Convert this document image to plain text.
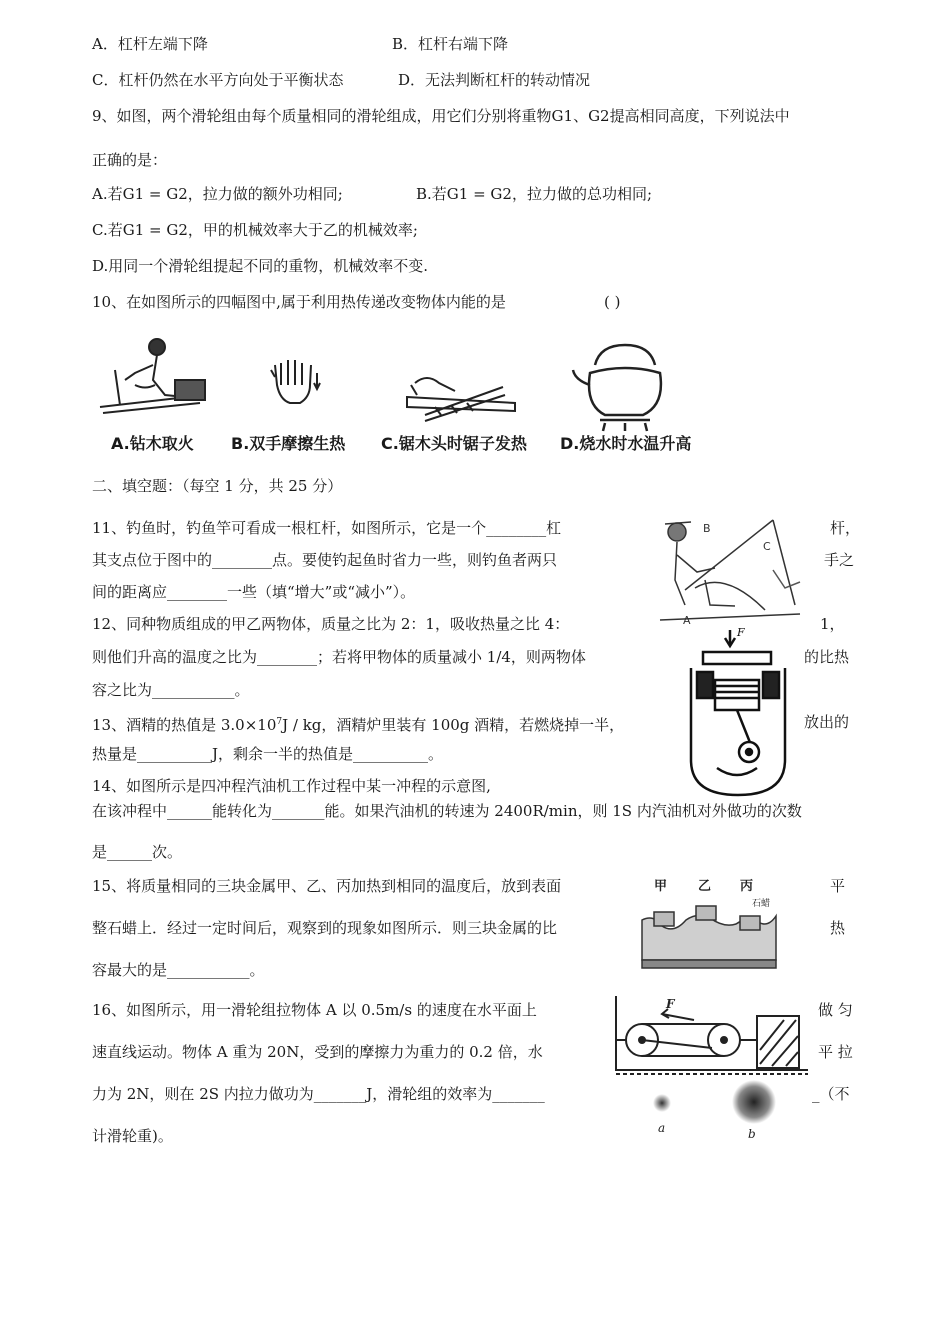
A．杠杆左端下降	B．杠杆右端下降
C．杠杆仍然在水平方向处于平衡状态	D．无法判断杠杆的转动情况
9、如图，两个滑轮组由每个质量相同的滑轮组成，用它们分别将重物G1、G2提高相同高度，下列说法中
正确的是：
A.若G1 = G2，拉力做的额外功相同;	B.若G1 = G2，拉力做的总功相同;
C.若G1 = G2，甲的机械效率大于乙的机械效率;
D.用同一个滑轮组提起不同的重物，机械效率不变.
10、在如图所示的四幅图中,属于利用热传递改变物体内能的是	( )
A.钻木取火 B.双手摩擦生热 C.锯木头时锯子发热 D.烧水时水温升高
二、填空题：（每空 1 分，共 25 分）
11、钓鱼时，钓鱼竿可看成一根杠杆，如图所示，它是一个________杠	杆，
其支点位于图中的________点。要使钓起鱼时省力一些，则钓鱼者两只	手之
间的距离应________一些（填“增大”或“减小”）。
B
C
A
12、同种物质组成的甲乙两物体，质量之比为 2：1，吸收热量之比 4：	1，
则他们升高的温度之比为________；若将甲物体的质量减小 1/4，则两物体	的比热
容之比为___________。
F
13、酒精的热值是 $3.0\times 10^7J$ / kg，酒精炉里装有 100g 酒精，若燃烧掉一半，	放出的
热量是__________J，剩余一半的热值是__________。
14、如图所示是四冲程汽油机工作过程中某一冲程的示意图,
在该冲程中______能转化为_______能。如果汽油机的转速为 2400R/min，则 1S 内汽油机对外做功的次数
是______次。
15、将质量相同的三块金属甲、乙、丙加热到相同的温度后，放到表面	平
整石蜡上．经过一定时间后，观察到的现象如图所示．则三块金属的比	热
容最大的是___________。
甲 乙 丙
石蜡
16、如图所示，用一滑轮组拉物体 A 以 0.5m/s 的速度在水平面上	做 匀
速直线运动。物体 A 重为 20N，受到的摩擦力为重力的 0.2 倍，水	平 拉
力为 2N，则在 2S 内拉力做功为_______J，滑轮组的效率为_______	_（不
计滑轮重)。
F
a	b
